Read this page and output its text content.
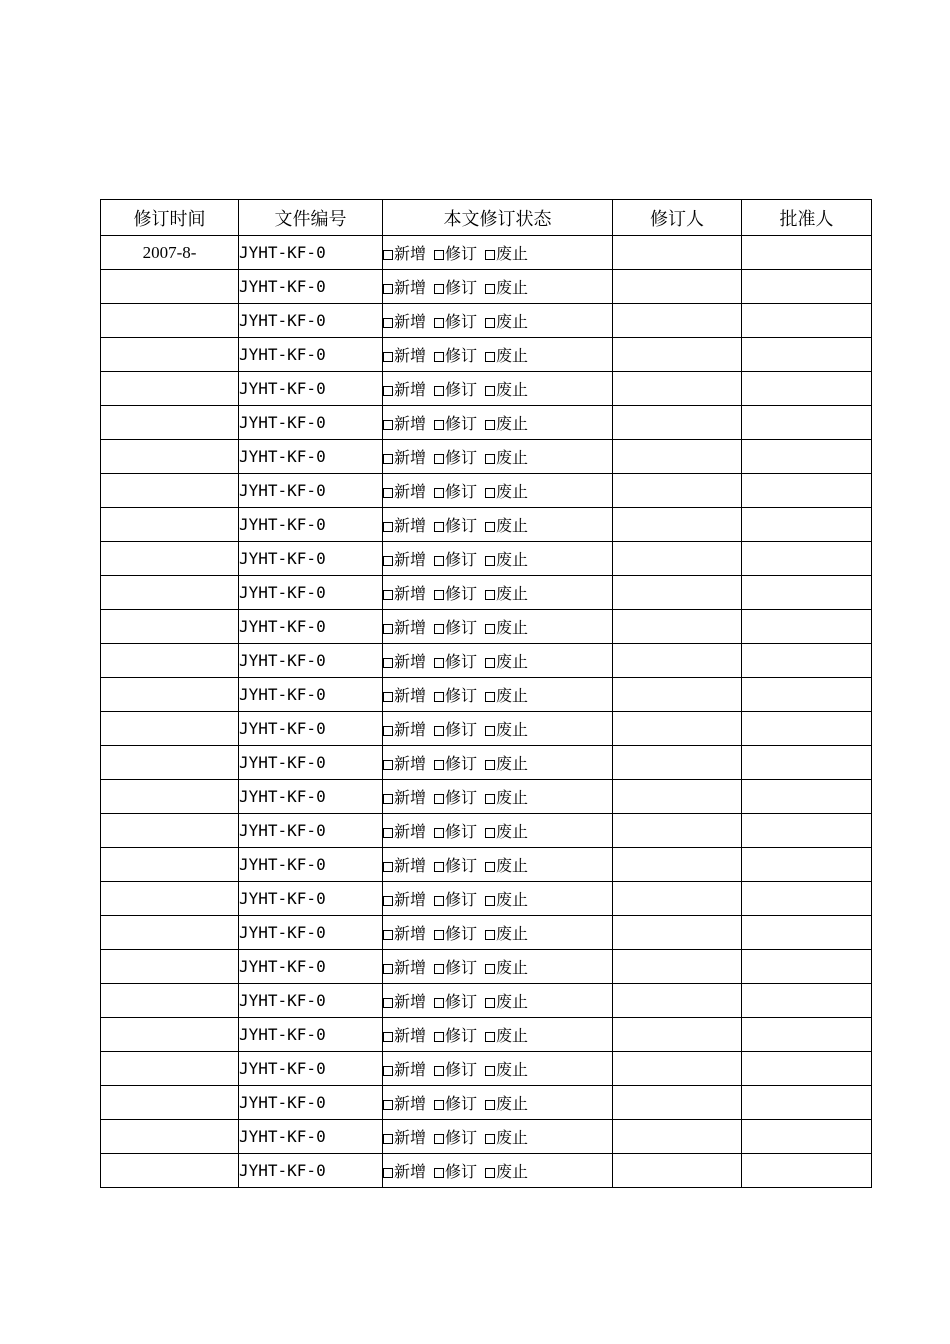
修订时间	文件编号	本文修订状态	修订人	批准人
2007-8-	JYHT-KF-0	新增 修订 废止		
	JYHT-KF-0	新增 修订 废止		
	JYHT-KF-0	新增 修订 废止		
	JYHT-KF-0	新增 修订 废止		
	JYHT-KF-0	新增 修订 废止		
	JYHT-KF-0	新增 修订 废止		
	JYHT-KF-0	新增 修订 废止		
	JYHT-KF-0	新增 修订 废止		
	JYHT-KF-0	新增 修订 废止		
	JYHT-KF-0	新增 修订 废止		
	JYHT-KF-0	新增 修订 废止		
	JYHT-KF-0	新增 修订 废止		
	JYHT-KF-0	新增 修订 废止		
	JYHT-KF-0	新增 修订 废止		
	JYHT-KF-0	新增 修订 废止		
	JYHT-KF-0	新增 修订 废止		
	JYHT-KF-0	新增 修订 废止		
	JYHT-KF-0	新增 修订 废止		
	JYHT-KF-0	新增 修订 废止		
	JYHT-KF-0	新增 修订 废止		
	JYHT-KF-0	新增 修订 废止		
	JYHT-KF-0	新增 修订 废止		
	JYHT-KF-0	新增 修订 废止		
	JYHT-KF-0	新增 修订 废止		
	JYHT-KF-0	新增 修订 废止		
	JYHT-KF-0	新增 修订 废止		
	JYHT-KF-0	新增 修订 废止		
	JYHT-KF-0	新增 修订 废止		
